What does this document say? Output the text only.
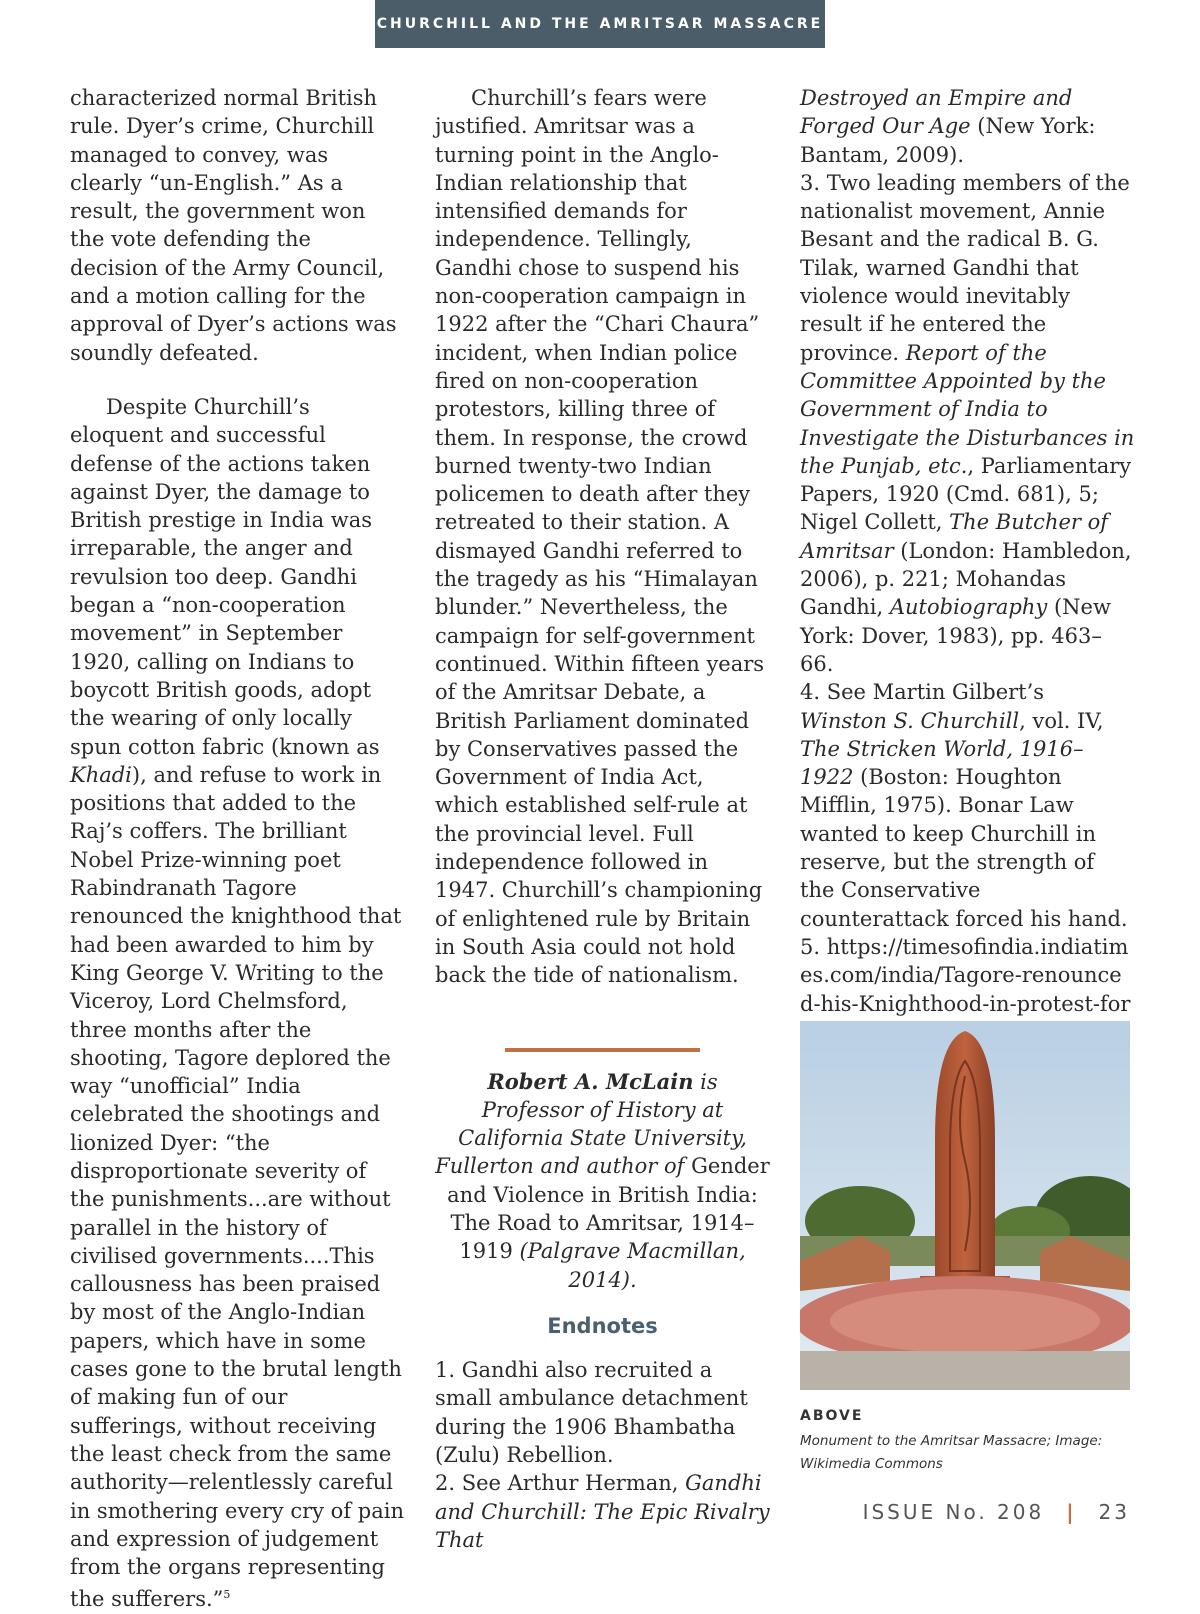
CHURCHILL AND THE AMRITSAR MASSACRE

characterized normal British rule. Dyer’s crime, Churchill managed to convey, was clearly “un-English.” As a result, the government won the vote defending the decision of the Army Council, and a motion calling for the approval of Dyer’s actions was soundly defeated.

Despite Churchill’s eloquent and successful defense of the actions taken against Dyer, the damage to British prestige in India was irreparable, the anger and revulsion too deep. Gandhi began a “non-cooperation movement” in September 1920, calling on Indians to boycott British goods, adopt the wearing of only locally spun cotton fabric (known as Khadi), and refuse to work in positions that added to the Raj’s coffers. The brilliant Nobel Prize-winning poet Rabindranath Tagore renounced the knighthood that had been awarded to him by King George V. Writing to the Viceroy, Lord Chelmsford, three months after the shooting, Tagore deplored the way “unofficial” India celebrated the shootings and lionized Dyer: “the disproportionate severity of the punishments...are without parallel in the history of civilised governments....This callousness has been praised by most of the Anglo-Indian papers, which have in some cases gone to the brutal length of making fun of our sufferings, without receiving the least check from the same authority—relentlessly careful in smothering every cry of pain and expression of judgement from the organs representing the sufferers.”$^5$

Churchill’s fears were justified. Amritsar was a turning point in the Anglo-Indian relationship that intensified demands for independence. Tellingly, Gandhi chose to suspend his non-cooperation campaign in 1922 after the “Chari Chaura” incident, when Indian police fired on non-cooperation protestors, killing three of them. In response, the crowd burned twenty-two Indian policemen to death after they retreated to their station. A dismayed Gandhi referred to the tragedy as his “Himalayan blunder.” Nevertheless, the campaign for self-government continued. Within fifteen years of the Amritsar Debate, a British Parliament dominated by Conservatives passed the Government of India Act, which established self-rule at the provincial level. Full independence followed in 1947. Churchill’s championing of enlightened rule by Britain in South Asia could not hold back the tide of nationalism.

Robert A. McLain is Professor of History at California State University, Fullerton and author of Gender and Violence in British India: The Road to Amritsar, 1914–1919 (Palgrave Macmillan, 2014).

Endnotes

1. Gandhi also recruited a small ambulance detachment during the 1906 Bhambatha (Zulu) Rebellion.

2. See Arthur Herman, Gandhi and Churchill: The Epic Rivalry That

Destroyed an Empire and Forged Our Age (New York: Bantam, 2009).

3. Two leading members of the nationalist movement, Annie Besant and the radical B. G. Tilak, warned Gandhi that violence would inevitably result if he entered the province. Report of the Committee Appointed by the Government of India to Investigate the Disturbances in the Punjab, etc., Parliamentary Papers, 1920 (Cmd. 681), 5; Nigel Collett, The Butcher of Amritsar (London: Hambledon, 2006), p. 221; Mohandas Gandhi, Autobiography (New York: Dover, 1983), pp. 463–66.

4. See Martin Gilbert’s Winston S. Churchill, vol. IV, The Stricken World, 1916–1922 (Boston: Houghton Mifflin, 1975). Bonar Law wanted to keep Churchill in reserve, but the strength of the Conservative counterattack forced his hand.

5. https://timesofindia.indiatimes.com/india/Tagore-renounced-his-Knighthood-in-protest-for

ABOVE
Monument to the Amritsar Massacre; Image: Wikimedia Commons
ISSUE No. 208 | 23
